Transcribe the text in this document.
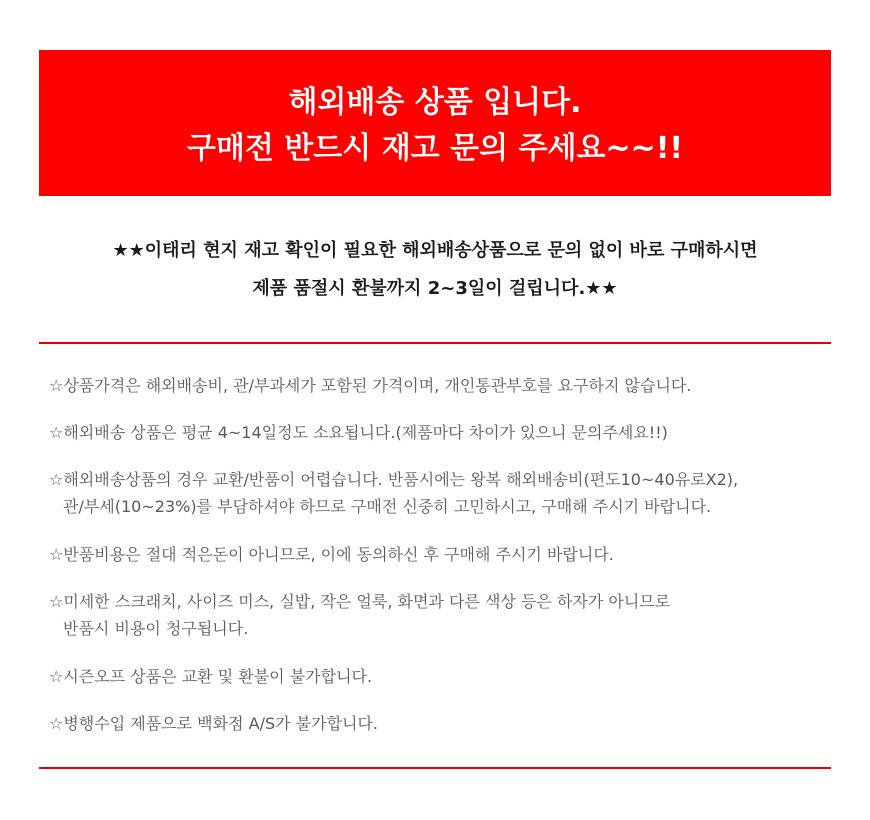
해외배송 상품 입니다.
구매전 반드시 재고 문의 주세요~~!!
★★이태리 현지 재고 확인이 필요한 해외배송상품으로 문의 없이 바로 구매하시면
제품 품절시 환불까지 2~3일이 걸립니다.★★
☆상품가격은 해외배송비, 관/부과세가 포함된 가격이며, 개인통관부호를 요구하지 않습니다.
☆해외배송 상품은 평균 4~14일정도 소요됩니다.(제품마다 차이가 있으니 문의주세요!!)
☆해외배송상품의 경우 교환/반품이 어렵습니다. 반품시에는 왕복 해외배송비(편도10~40유로X2),
관/부세(10~23%)를 부담하셔야 하므로 구매전 신중히 고민하시고, 구매해 주시기 바랍니다.
☆반품비용은 절대 적은돈이 아니므로, 이에 동의하신 후 구매해 주시기 바랍니다.
☆미세한 스크래치, 사이즈 미스, 실밥, 작은 얼룩, 화면과 다른 색상 등은 하자가 아니므로
반품시 비용이 청구됩니다.
☆시즌오프 상품은 교환 및 환불이 불가합니다.
☆병행수입 제품으로 백화점 A/S가 불가합니다.
